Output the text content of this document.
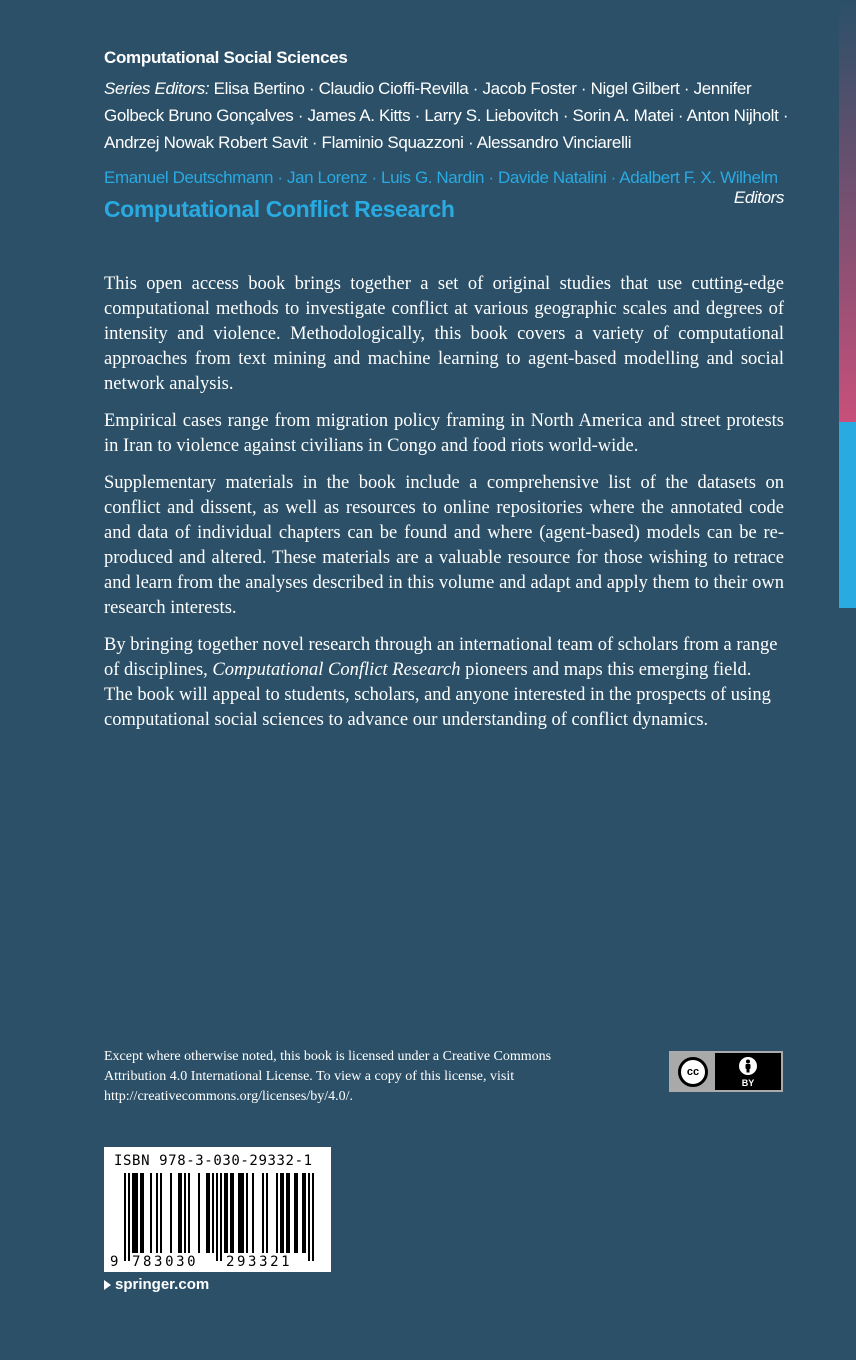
Computational Social Sciences
Series Editors: Elisa Bertino · Claudio Cioffi-Revilla · Jacob Foster · Nigel Gilbert · Jennifer Golbeck Bruno Gonçalves · James A. Kitts · Larry S. Liebovitch · Sorin A. Matei · Anton Nijholt · Andrzej Nowak Robert Savit · Flaminio Squazzoni · Alessandro Vinciarelli
Emanuel Deutschmann · Jan Lorenz · Luis G. Nardin · Davide Natalini · Adalbert F. X. Wilhelm
Editors
Computational Conflict Research

This open access book brings together a set of original studies that use cutting-edge computational methods to investigate conflict at various geographic scales and degrees of intensity and violence. Methodologically, this book covers a variety of computational approaches from text mining and machine learning to agent-based modelling and social network analysis.

Empirical cases range from migration policy framing in North America and street protests in Iran to violence against civilians in Congo and food riots world-wide.

Supplementary materials in the book include a comprehensive list of the datasets on conflict and dissent, as well as resources to online repositories where the annotated code and data of individual chapters can be found and where (agent-based) models can be re-produced and altered. These materials are a valuable resource for those wishing to retrace and learn from the analyses described in this volume and adapt and apply them to their own research interests.

By bringing together novel research through an international team of scholars from a range of disciplines, Computational Conflict Research pioneers and maps this emerging field. The book will appeal to students, scholars, and anyone interested in the prospects of using computational social sciences to advance our understanding of conflict dynamics.

Except where otherwise noted, this book is licensed under a Creative Commons Attribution 4.0 International License. To view a copy of this license, visit http://creativecommons.org/licenses/by/4.0/.
cc
BY
ISBN 978-3-030-29332-1
9 783030 293321
springer.com
